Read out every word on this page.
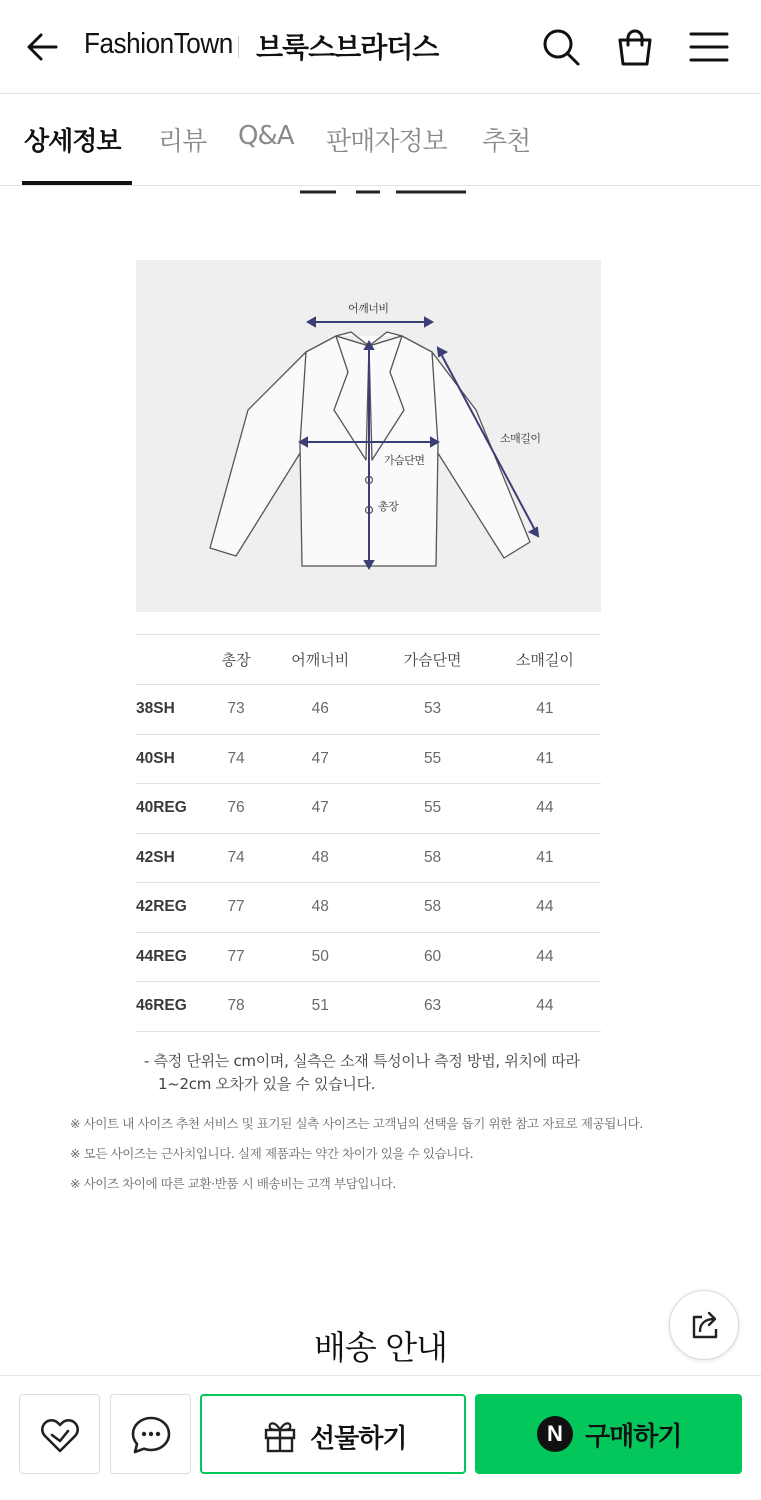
FashionTown 브룩스브라더스
상세정보 리뷰 Q&A 판매자정보 추천
어깨너비
소매길이
가슴단면
총장
	총장	어깨너비	가슴단면	소매길이
38SH	73	46	53	41
40SH	74	47	55	41
40REG	76	47	55	44
42SH	74	48	58	41
42REG	77	48	58	44
44REG	77	50	60	44
46REG	78	51	63	44
- 측정 단위는 cm이며, 실측은 소재 특성이나 측정 방법, 위치에 따라
1~2cm 오차가 있을 수 있습니다.
※ 사이트 내 사이즈 추천 서비스 및 표기된 실측 사이즈는 고객님의 선택을 돕기 위한 참고 자료로 제공됩니다.
※ 모든 사이즈는 근사치입니다. 실제 제품과는 약간 차이가 있을 수 있습니다.
※ 사이즈 차이에 따른 교환·반품 시 배송비는 고객 부담입니다.
배송 안내
선물하기	N 구매하기
